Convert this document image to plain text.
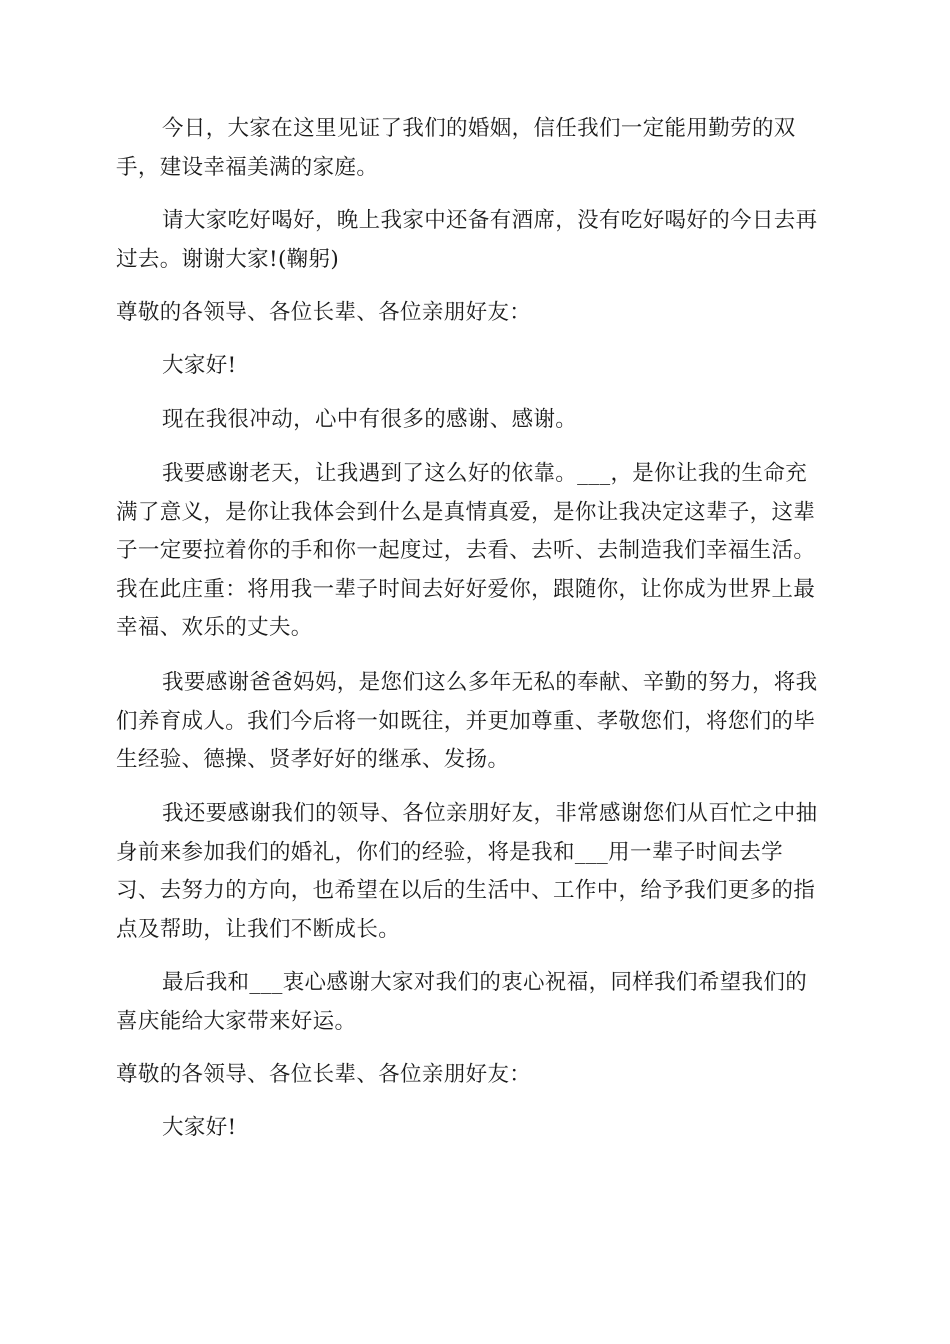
今日，大家在这里见证了我们的婚姻，信任我们一定能用勤劳的双
手，建设幸福美满的家庭。

请大家吃好喝好，晚上我家中还备有酒席，没有吃好喝好的今日去再
过去。谢谢大家!(鞠躬)

尊敬的各领导、各位长辈、各位亲朋好友：

大家好!

现在我很冲动，心中有很多的感谢、感谢。

我要感谢老天，让我遇到了这么好的依靠。___，是你让我的生命充
满了意义，是你让我体会到什么是真情真爱，是你让我决定这辈子，这辈
子一定要拉着你的手和你一起度过，去看、去听、去制造我们幸福生活。
我在此庄重：将用我一辈子时间去好好爱你，跟随你，让你成为世界上最
幸福、欢乐的丈夫。

我要感谢爸爸妈妈，是您们这么多年无私的奉献、辛勤的努力，将我
们养育成人。我们今后将一如既往，并更加尊重、孝敬您们，将您们的毕
生经验、德操、贤孝好好的继承、发扬。

我还要感谢我们的领导、各位亲朋好友，非常感谢您们从百忙之中抽
身前来参加我们的婚礼，你们的经验，将是我和___用一辈子时间去学
习、去努力的方向，也希望在以后的生活中、工作中，给予我们更多的指
点及帮助，让我们不断成长。

最后我和___衷心感谢大家对我们的衷心祝福，同样我们希望我们的
喜庆能给大家带来好运。

尊敬的各领导、各位长辈、各位亲朋好友：

大家好!
